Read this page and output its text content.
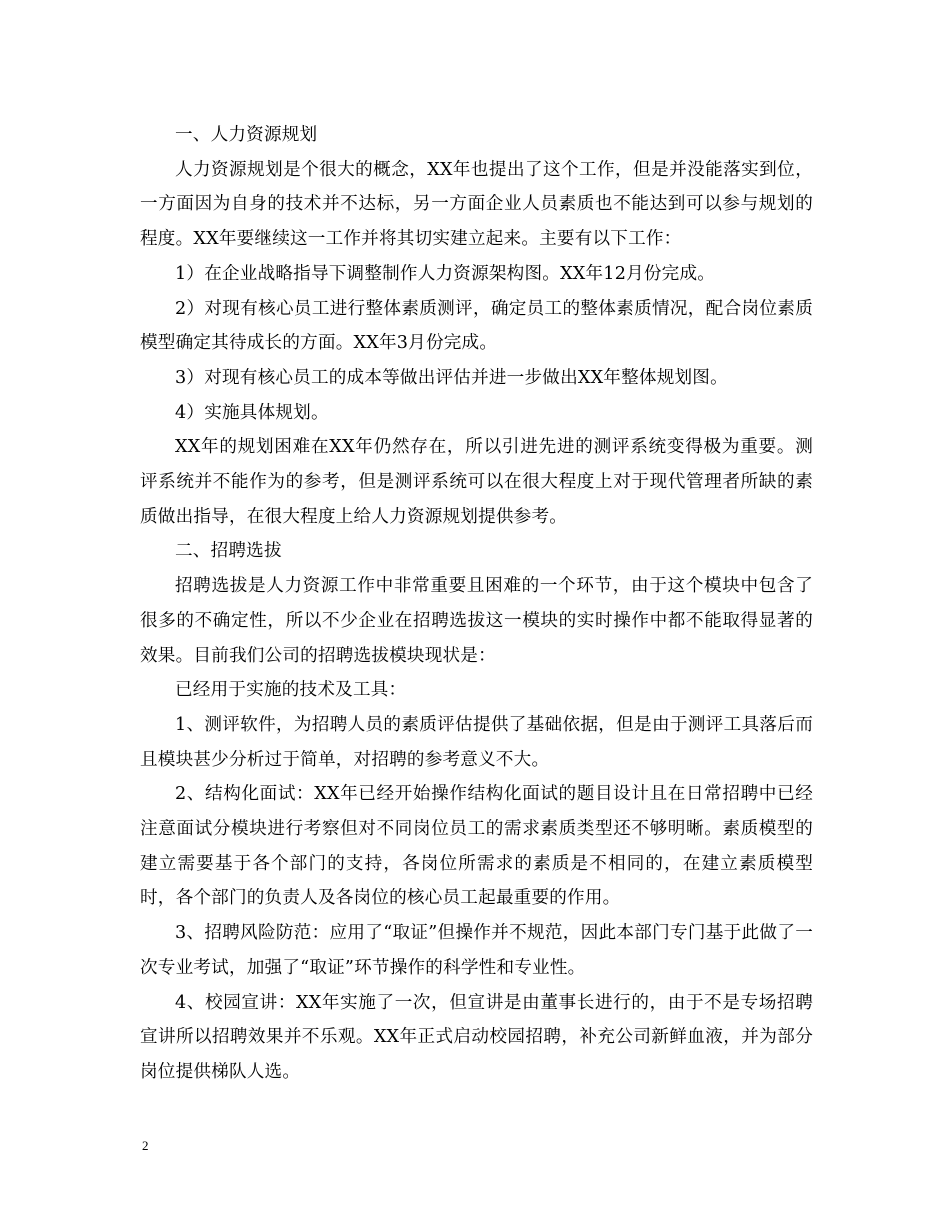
一、人力资源规划

人力资源规划是个很大的概念，XX年也提出了这个工作，但是并没能落实到位，一方面因为自身的技术并不达标，另一方面企业人员素质也不能达到可以参与规划的程度。XX年要继续这一工作并将其切实建立起来。主要有以下工作：

1）在企业战略指导下调整制作人力资源架构图。XX年12月份完成。

2）对现有核心员工进行整体素质测评，确定员工的整体素质情况，配合岗位素质模型确定其待成长的方面。XX年3月份完成。

3）对现有核心员工的成本等做出评估并进一步做出XX年整体规划图。

4）实施具体规划。

XX年的规划困难在XX年仍然存在，所以引进先进的测评系统变得极为重要。测评系统并不能作为的参考，但是测评系统可以在很大程度上对于现代管理者所缺的素质做出指导，在很大程度上给人力资源规划提供参考。

二、招聘选拔

招聘选拔是人力资源工作中非常重要且困难的一个环节，由于这个模块中包含了很多的不确定性，所以不少企业在招聘选拔这一模块的实时操作中都不能取得显著的效果。目前我们公司的招聘选拔模块现状是：

已经用于实施的技术及工具：

1、测评软件，为招聘人员的素质评估提供了基础依据，但是由于测评工具落后而且模块甚少分析过于简单，对招聘的参考意义不大。

2、结构化面试：XX年已经开始操作结构化面试的题目设计且在日常招聘中已经注意面试分模块进行考察但对不同岗位员工的需求素质类型还不够明晰。素质模型的建立需要基于各个部门的支持，各岗位所需求的素质是不相同的，在建立素质模型时，各个部门的负责人及各岗位的核心员工起最重要的作用。

3、招聘风险防范：应用了“取证”但操作并不规范，因此本部门专门基于此做了一次专业考试，加强了“取证”环节操作的科学性和专业性。

4、校园宣讲：XX年实施了一次，但宣讲是由董事长进行的，由于不是专场招聘宣讲所以招聘效果并不乐观。XX年正式启动校园招聘，补充公司新鲜血液，并为部分岗位提供梯队人选。

2
